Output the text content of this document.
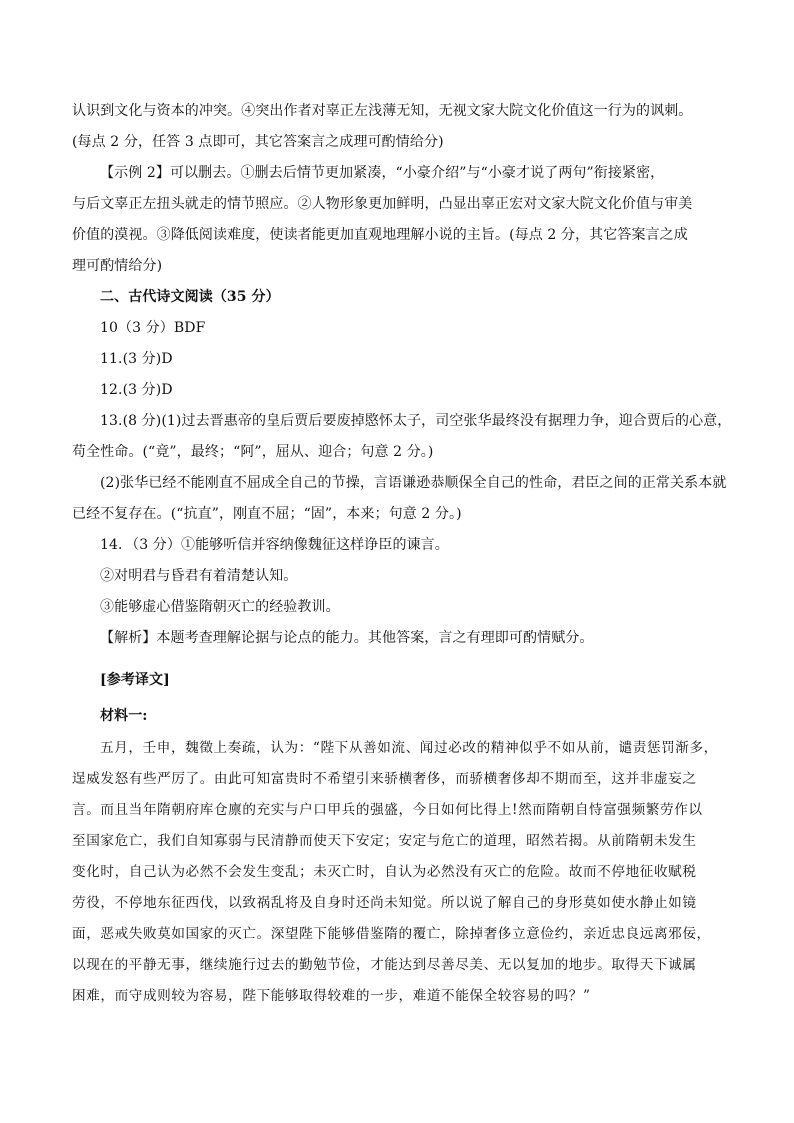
认识到文化与资本的冲突。④突出作者对辜正左浅薄无知，无视文家大院文化价值这一行为的讽刺。
(每点 2 分，任答 3 点即可，其它答案言之成理可酌情给分)
【示例 2】可以删去。①删去后情节更加紧凑，“小豪介绍”与“小豪才说了两句”衔接紧密，
与后文辜正左扭头就走的情节照应。②人物形象更加鲜明，凸显出辜正宏对文家大院文化价值与审美
价值的漠视。③降低阅读难度，使读者能更加直观地理解小说的主旨。(每点 2 分，其它答案言之成
理可酌情给分)
二、古代诗文阅读（35 分）
10（3 分）BDF
11.(3 分)D
12.(3 分)D
13.(8 分)(1)过去晋惠帝的皇后贾后要废掉愍怀太子，司空张华最终没有据理力争，迎合贾后的心意，
苟全性命。(“竟”，最终；“阿”，屈从、迎合；句意 2 分。)
(2)张华已经不能刚直不屈成全自己的节操，言语谦逊恭顺保全自己的性命，君臣之间的正常关系本就
已经不复存在。(“抗直”，刚直不屈；“固”，本来；句意 2 分。)
14．（3 分）①能够听信并容纳像魏征这样诤臣的谏言。
②对明君与昏君有着清楚认知。
③能够虚心借鉴隋朝灭亡的经验教训。
【解析】本题考查理解论据与论点的能力。其他答案，言之有理即可酌情赋分。
[参考译文]
材料一:
五月，壬申，魏徵上奏疏，认为：“陛下从善如流、闻过必改的精神似乎不如从前，谴责惩罚渐多，
逞威发怒有些严厉了。由此可知富贵时不希望引来骄横奢侈，而骄横奢侈却不期而至，这并非虚妄之
言。而且当年隋朝府库仓廪的充实与户口甲兵的强盛，今日如何比得上!然而隋朝自恃富强频繁劳作以
至国家危亡，我们自知寡弱与民清静而使天下安定；安定与危亡的道理，昭然若揭。从前隋朝未发生
变化时，自己认为必然不会发生变乱；未灭亡时，自认为必然没有灭亡的危险。故而不停地征收赋税
劳役，不停地东征西伐，以致祸乱将及自身时还尚未知觉。所以说了解自己的身形莫如使水静止如镜
面，恶戒失败莫如国家的灭亡。深望陛下能够借鉴隋的覆亡，除掉奢侈立意俭约，亲近忠良远离邪佞，
以现在的平静无事，继续施行过去的勤勉节俭，才能达到尽善尽美、无以复加的地步。取得天下诚属
困难，而守成则较为容易，陛下能够取得较难的一步，难道不能保全较容易的吗？”
